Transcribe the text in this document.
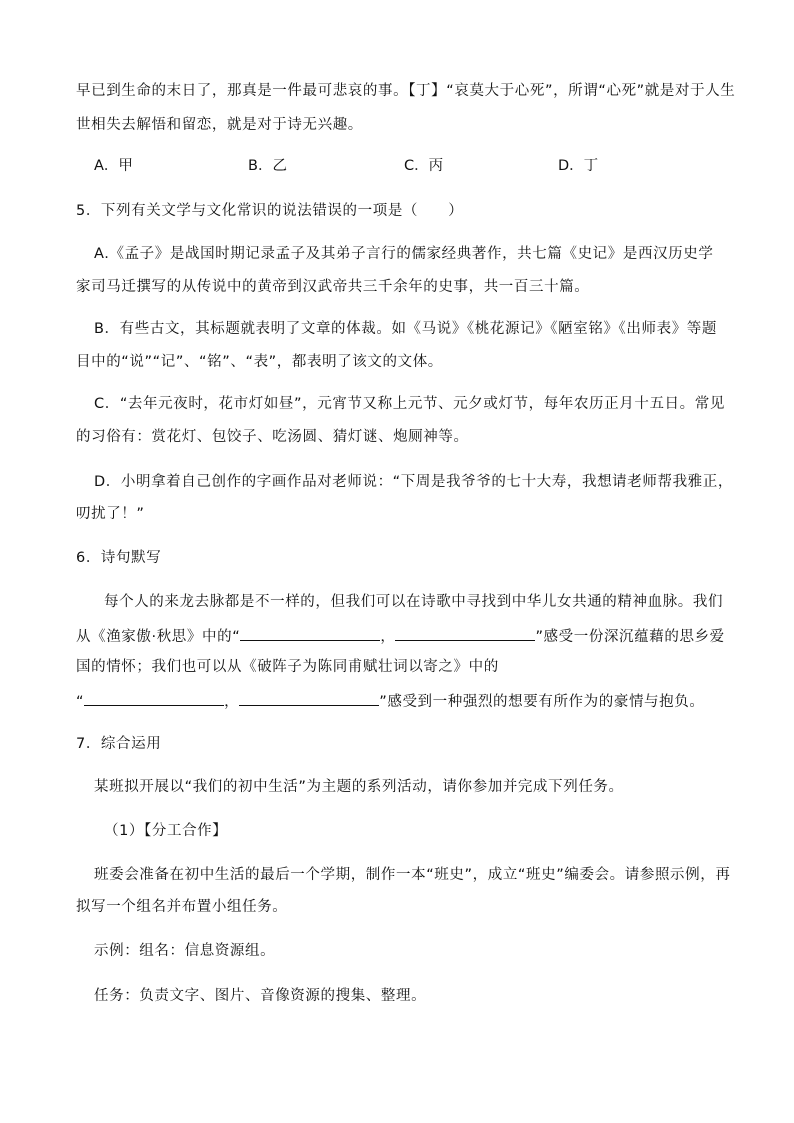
早已到生命的末日了，那真是一件最可悲哀的事。【丁】“哀莫大于心死”，所谓“心死”就是对于人生
世相失去解悟和留恋，就是对于诗无兴趣。
A．甲	B．乙	C．丙	D．丁
5．下列有关文学与文化常识的说法错误的一项是（　　）
A.《孟子》是战国时期记录孟子及其弟子言行的儒家经典著作，共七篇《史记》是西汉历史学
家司马迁撰写的从传说中的黄帝到汉武帝共三千余年的史事，共一百三十篇。
B．有些古文，其标题就表明了文章的体裁。如《马说》《桃花源记》《陋室铭》《出师表》等题
目中的“说”“记”、“铭”、“表”，都表明了该文的文体。
C．“去年元夜时，花市灯如昼”，元宵节又称上元节、元夕或灯节，每年农历正月十五日。常见
的习俗有：赏花灯、包饺子、吃汤圆、猜灯谜、炮厕神等。
D．小明拿着自己创作的字画作品对老师说：“下周是我爷爷的七十大寿，我想请老师帮我雅正，
叨扰了！”
6．诗句默写
每个人的来龙去脉都是不一样的，但我们可以在诗歌中寻找到中华儿女共通的精神血脉。我们
从《渔家傲·秋思》中的“	，	”感受一份深沉蕴藉的思乡爱
国的情怀；我们也可以从《破阵子为陈同甫赋壮词以寄之》中的
“	，	”感受到一种强烈的想要有所作为的豪情与抱负。
7．综合运用
某班拟开展以“我们的初中生活”为主题的系列活动，请你参加并完成下列任务。
（1）【分工合作】
班委会准备在初中生活的最后一个学期，制作一本“班史”，成立“班史”编委会。请参照示例，再
拟写一个组名并布置小组任务。
示例：组名：信息资源组。
任务：负责文字、图片、音像资源的搜集、整理。
